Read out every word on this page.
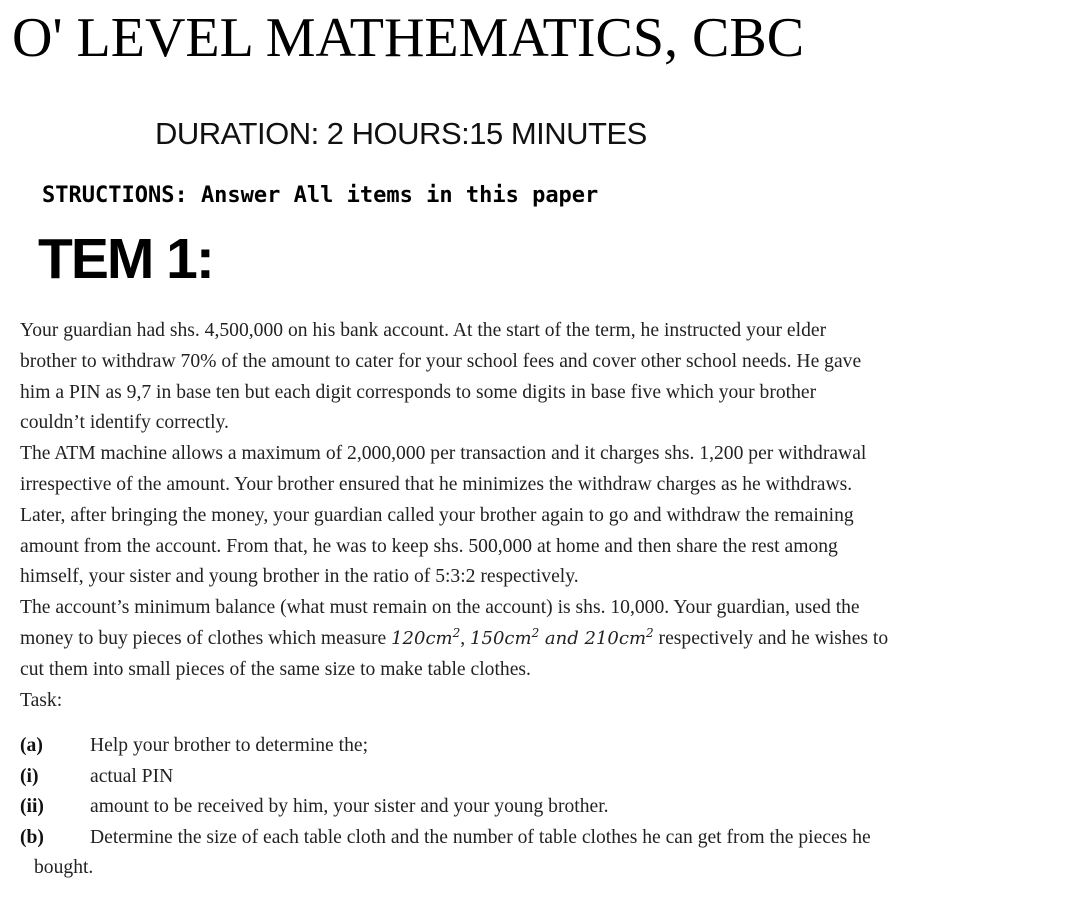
O' LEVEL MATHEMATICS, CBC
DURATION: 2 HOURS:15 MINUTES
STRUCTIONS: Answer All items in this paper
TEM 1:

Your guardian had shs. 4,500,000 on his bank account. At the start of the term, he instructed your elder
brother to withdraw 70% of the amount to cater for your school fees and cover other school needs. He gave
him a PIN as 9,7 in base ten but each digit corresponds to some digits in base five which your brother
couldn’t identify correctly.

The ATM machine allows a maximum of 2,000,000 per transaction and it charges shs. 1,200 per withdrawal
irrespective of the amount. Your brother ensured that he minimizes the withdraw charges as he withdraws.
Later, after bringing the money, your guardian called your brother again to go and withdraw the remaining
amount from the account. From that, he was to keep shs. 500,000 at home and then share the rest among
himself, your sister and young brother in the ratio of 5:3:2 respectively.

The account’s minimum balance (what must remain on the account) is shs. 10,000. Your guardian, used the
money to buy pieces of clothes which measure $120cm^2$, $150cm^2$ and $210cm^2$ respectively and he wishes to
cut them into small pieces of the same size to make table clothes.

Task:

(a)	Help your brother to determine the;
(i)	actual PIN
(ii)	amount to be received by him, your sister and your young brother.
(b)	Determine the size of each table cloth and the number of table clothes he can get from the pieces he
bought.
